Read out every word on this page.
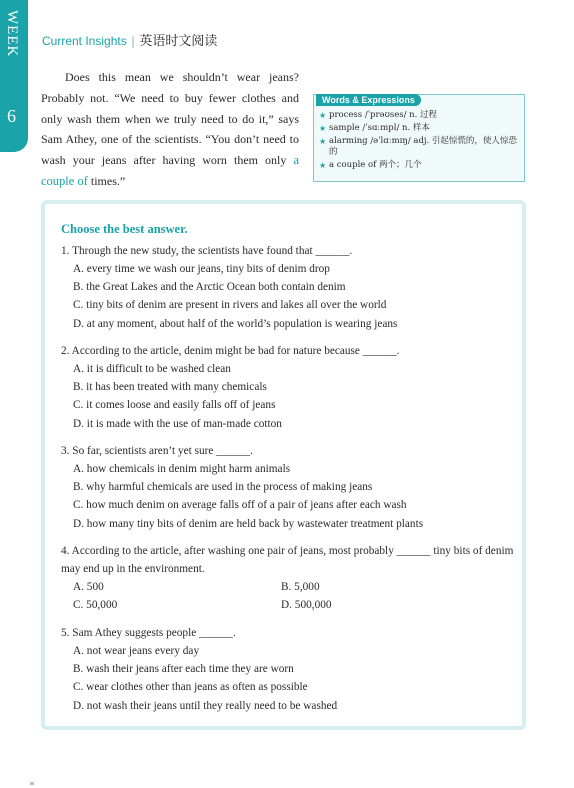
WEEK
6
Current Insights | 英语时文阅读
  Does this mean we shouldn’t wear jeans? Probably not. “We need to buy fewer clothes and only wash them when we truly need to do it,” says Sam Athey, one of the scientists. “You don’t need to wash your jeans after having worn them only a couple of times.”
Words & Expressions
★ process /ˈprəʊses/ n. 过程
★ sample /ˈsɑːmpl/ n. 样本
★ alarming /əˈlɑːmɪŋ/ adj. 引起惊慌的，使人惊恐的
★ a couple of 两个；几个
Choose the best answer.
1. Through the new study, the scientists have found that ______.
A. every time we wash our jeans, tiny bits of denim drop
B. the Great Lakes and the Arctic Ocean both contain denim
C. tiny bits of denim are present in rivers and lakes all over the world
D. at any moment, about half of the world’s population is wearing jeans
2. According to the article, denim might be bad for nature because ______.
A. it is difficult to be washed clean
B. it has been treated with many chemicals
C. it comes loose and easily falls off of jeans
D. it is made with the use of man-made cotton
3. So far, scientists aren’t yet sure ______.
A. how chemicals in denim might harm animals
B. why harmful chemicals are used in the process of making jeans
C. how much denim on average falls off of a pair of jeans after each wash
D. how many tiny bits of denim are held back by wastewater treatment plants
4. According to the article, after washing one pair of jeans, most probably ______ tiny bits of denim may end up in the environment.
A. 500	B. 5,000
C. 50,000	D. 500,000
5. Sam Athey suggests people ______.
A. not wear jeans every day
B. wash their jeans after each time they are worn
C. wear clothes other than jeans as often as possible
D. not wash their jeans until they really need to be washed
